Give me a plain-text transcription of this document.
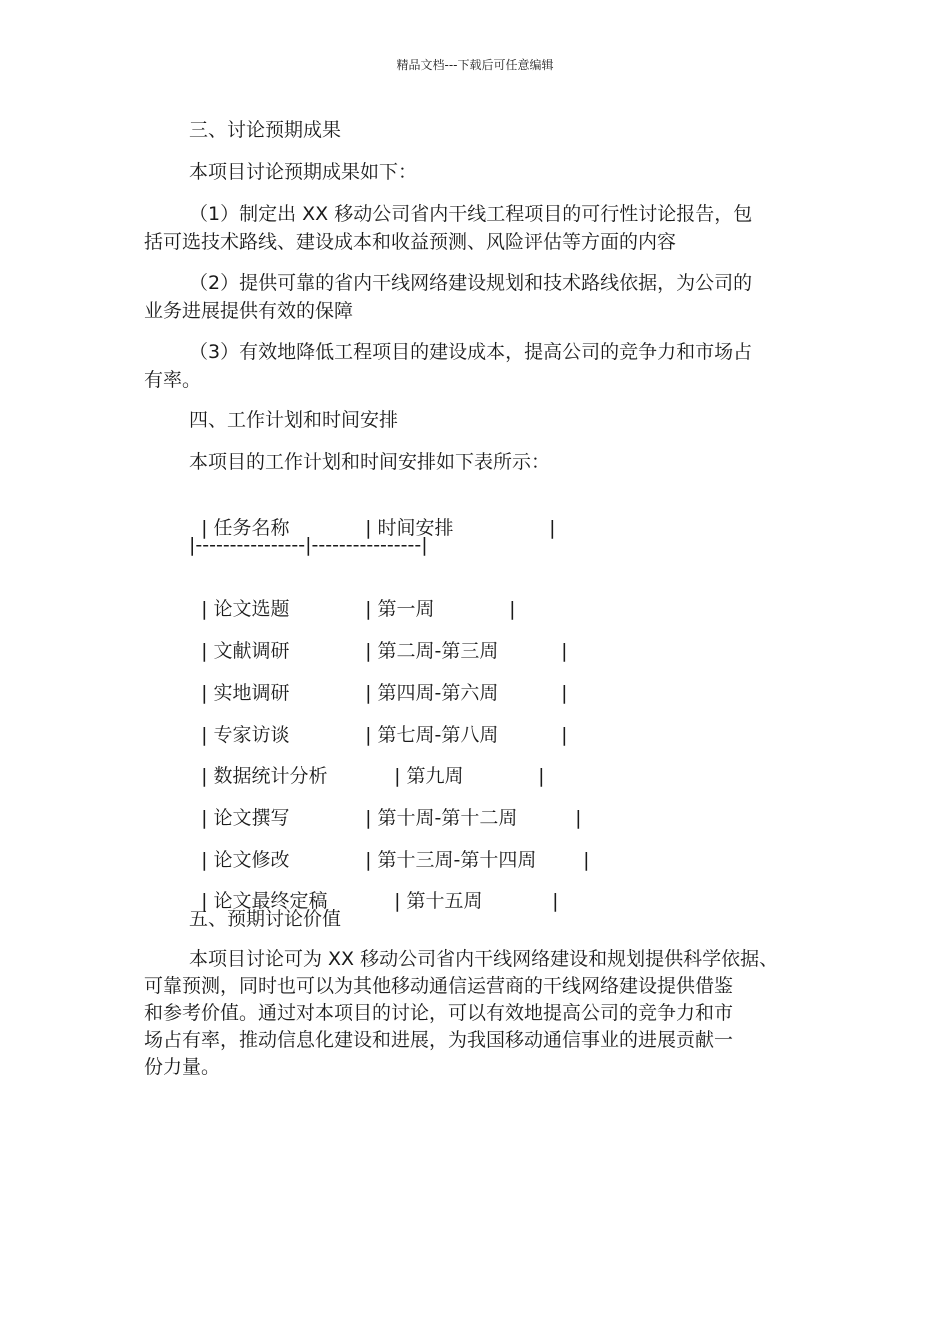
精品文档---下载后可任意编辑
三、讨论预期成果
本项目讨论预期成果如下：
（1）制定出 XX 移动公司省内干线工程项目的可行性讨论报告，包
括可选技术路线、建设成本和收益预测、风险评估等方面的内容
（2）提供可靠的省内干线网络建设规划和技术路线依据，为公司的
业务进展提供有效的保障
（3）有效地降低工程项目的建设成本，提高公司的竞争力和市场占
有率。
四、工作计划和时间安排
本项目的工作计划和时间安排如下表所示：

| 任务名称	| 时间安排	|

|----------------|----------------|

| 论文选题	| 第一周	|

| 文献调研	| 第二周-第三周	|

| 实地调研	| 第四周-第六周	|

| 专家访谈	| 第七周-第八周	|

| 数据统计分析	| 第九周	|

| 论文撰写	| 第十周-第十二周	|

| 论文修改	| 第十三周-第十四周 |

| 论文最终定稿	| 第十五周	|

五、预期讨论价值
本项目讨论可为 XX 移动公司省内干线网络建设和规划提供科学依据、
可靠预测，同时也可以为其他移动通信运营商的干线网络建设提供借鉴
和参考价值。通过对本项目的讨论，可以有效地提高公司的竞争力和市
场占有率，推动信息化建设和进展，为我国移动通信事业的进展贡献一
份力量。
